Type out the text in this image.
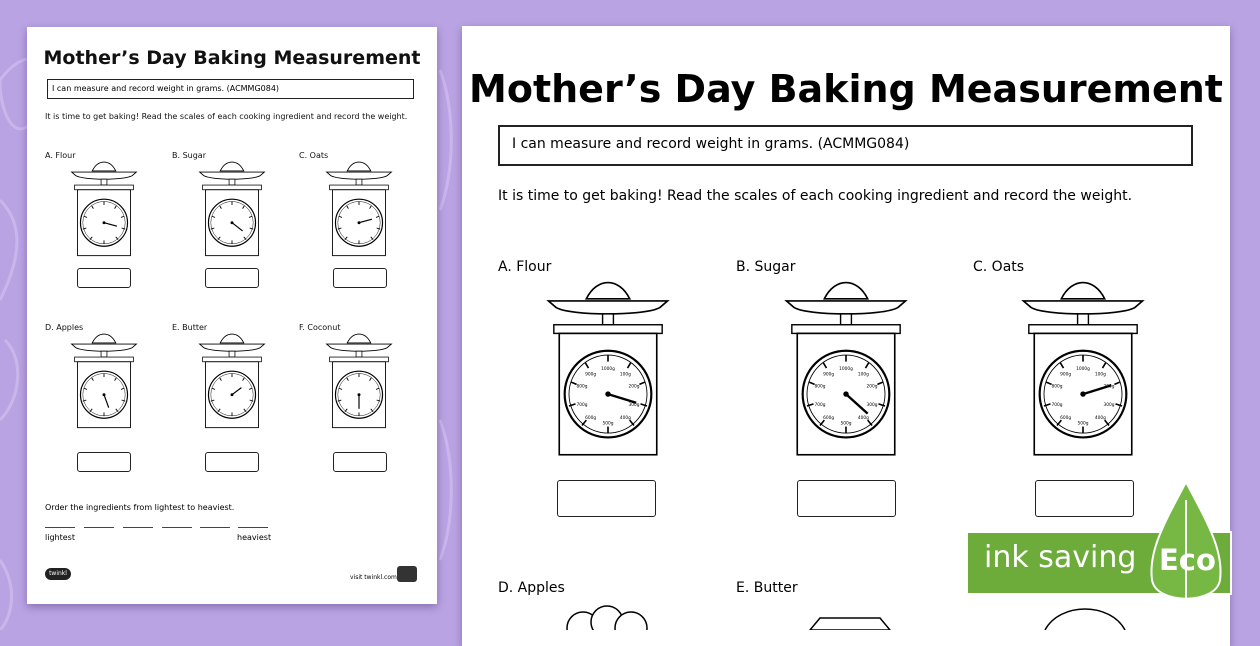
Mother’s Day Baking Measurement
I can measure and record weight in grams. (ACMMG084)
It is time to get baking! Read the scales of each cooking ingredient and record the weight.
A. Flour	B. Sugar	C. Oats
D. Apples	E. Butter	F. Coconut
Order the ingredients from lightest to heaviest.
lightest	heaviest
twinkl
visit twinkl.com
Mother’s Day Baking Measurement
I can measure and record weight in grams. (ACMMG084)
It is time to get baking! Read the scales of each cooking ingredient and record the weight.
A. Flour	B. Sugar	C. Oats
D. Apples	E. Butter
ink saving Eco
